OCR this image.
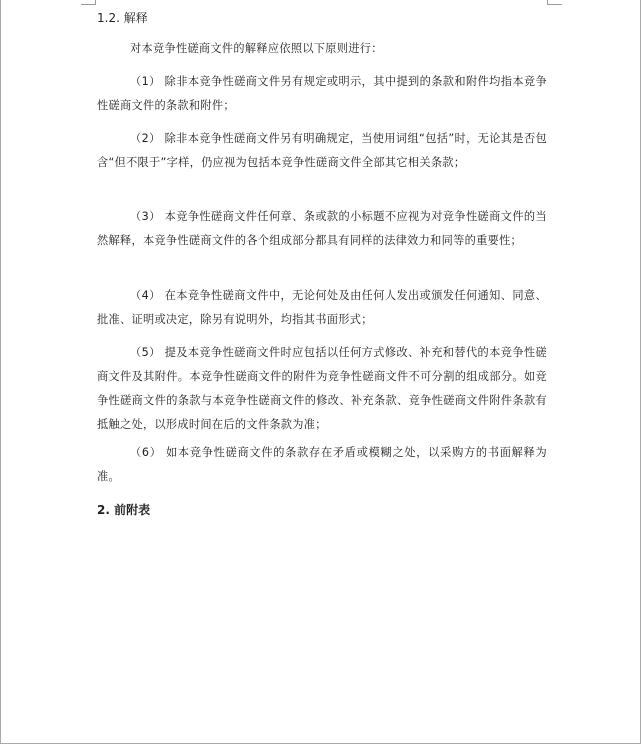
1.2. 解释
对本竞争性磋商文件的解释应依照以下原则进行：
（1） 除非本竞争性磋商文件另有规定或明示，其中提到的条款和附件均指本竞争性磋商文件的条款和附件；
（2） 除非本竞争性磋商文件另有明确规定，当使用词组“包括”时，无论其是否包含“但不限于”字样，仍应视为包括本竞争性磋商文件全部其它相关条款；
（3） 本竞争性磋商文件任何章、条或款的小标题不应视为对竞争性磋商文件的当然解释，本竞争性磋商文件的各个组成部分都具有同样的法律效力和同等的重要性；
（4） 在本竞争性磋商文件中，无论何处及由任何人发出或颁发任何通知、同意、批准、证明或决定，除另有说明外，均指其书面形式；
（5） 提及本竞争性磋商文件时应包括以任何方式修改、补充和替代的本竞争性磋商文件及其附件。本竞争性磋商文件的附件为竞争性磋商文件不可分割的组成部分。如竞争性磋商文件的条款与本竞争性磋商文件的修改、补充条款、竞争性磋商文件附件条款有抵触之处，以形成时间在后的文件条款为准；
（6） 如本竞争性磋商文件的条款存在矛盾或模糊之处，以采购方的书面解释为准。
2. 前附表
